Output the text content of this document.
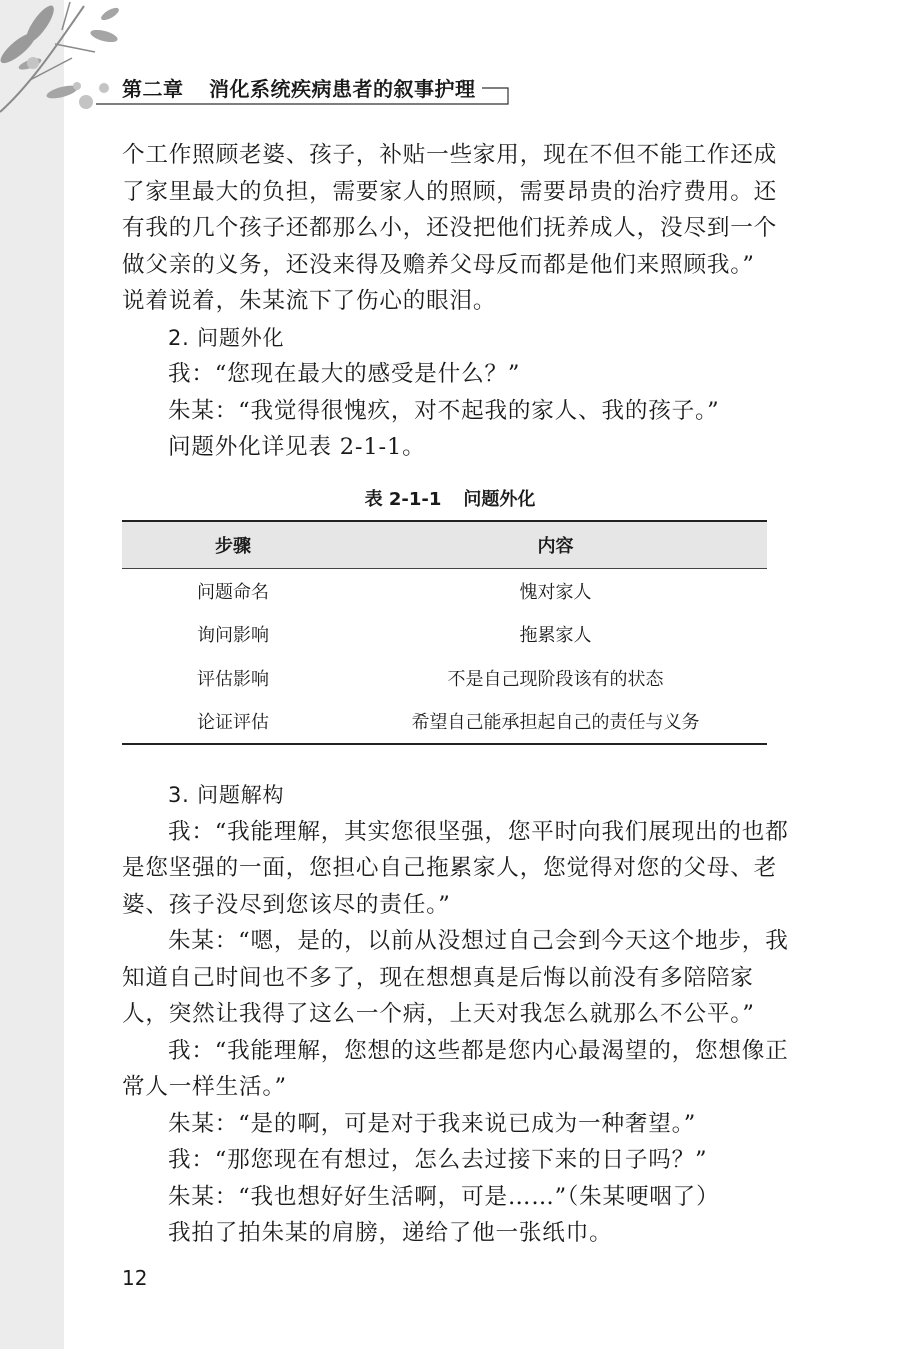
第二章 消化系统疾病患者的叙事护理

个工作照顾老婆、孩子，补贴一些家用，现在不但不能工作还成

了家里最大的负担，需要家人的照顾，需要昂贵的治疗费用。还

有我的几个孩子还都那么小，还没把他们抚养成人，没尽到一个

做父亲的义务，还没来得及赡养父母反而都是他们来照顾我。”

说着说着，朱某流下了伤心的眼泪。

2. 问题外化

我：“您现在最大的感受是什么？”

朱某：“我觉得很愧疚，对不起我的家人、我的孩子。”

问题外化详见表 2-1-1。

表 2-1-1 问题外化
步骤	内容
问题命名	愧对家人
询问影响	拖累家人
评估影响	不是自己现阶段该有的状态
论证评估	希望自己能承担起自己的责任与义务

3. 问题解构

我：“我能理解，其实您很坚强，您平时向我们展现出的也都

是您坚强的一面，您担心自己拖累家人，您觉得对您的父母、老

婆、孩子没尽到您该尽的责任。”

朱某：“嗯，是的，以前从没想过自己会到今天这个地步，我

知道自己时间也不多了，现在想想真是后悔以前没有多陪陪家

人，突然让我得了这么一个病，上天对我怎么就那么不公平。”

我：“我能理解，您想的这些都是您内心最渴望的，您想像正

常人一样生活。”

朱某：“是的啊，可是对于我来说已成为一种奢望。”

我：“那您现在有想过，怎么去过接下来的日子吗？”

朱某：“我也想好好生活啊，可是……”（朱某哽咽了）

我拍了拍朱某的肩膀，递给了他一张纸巾。

12
